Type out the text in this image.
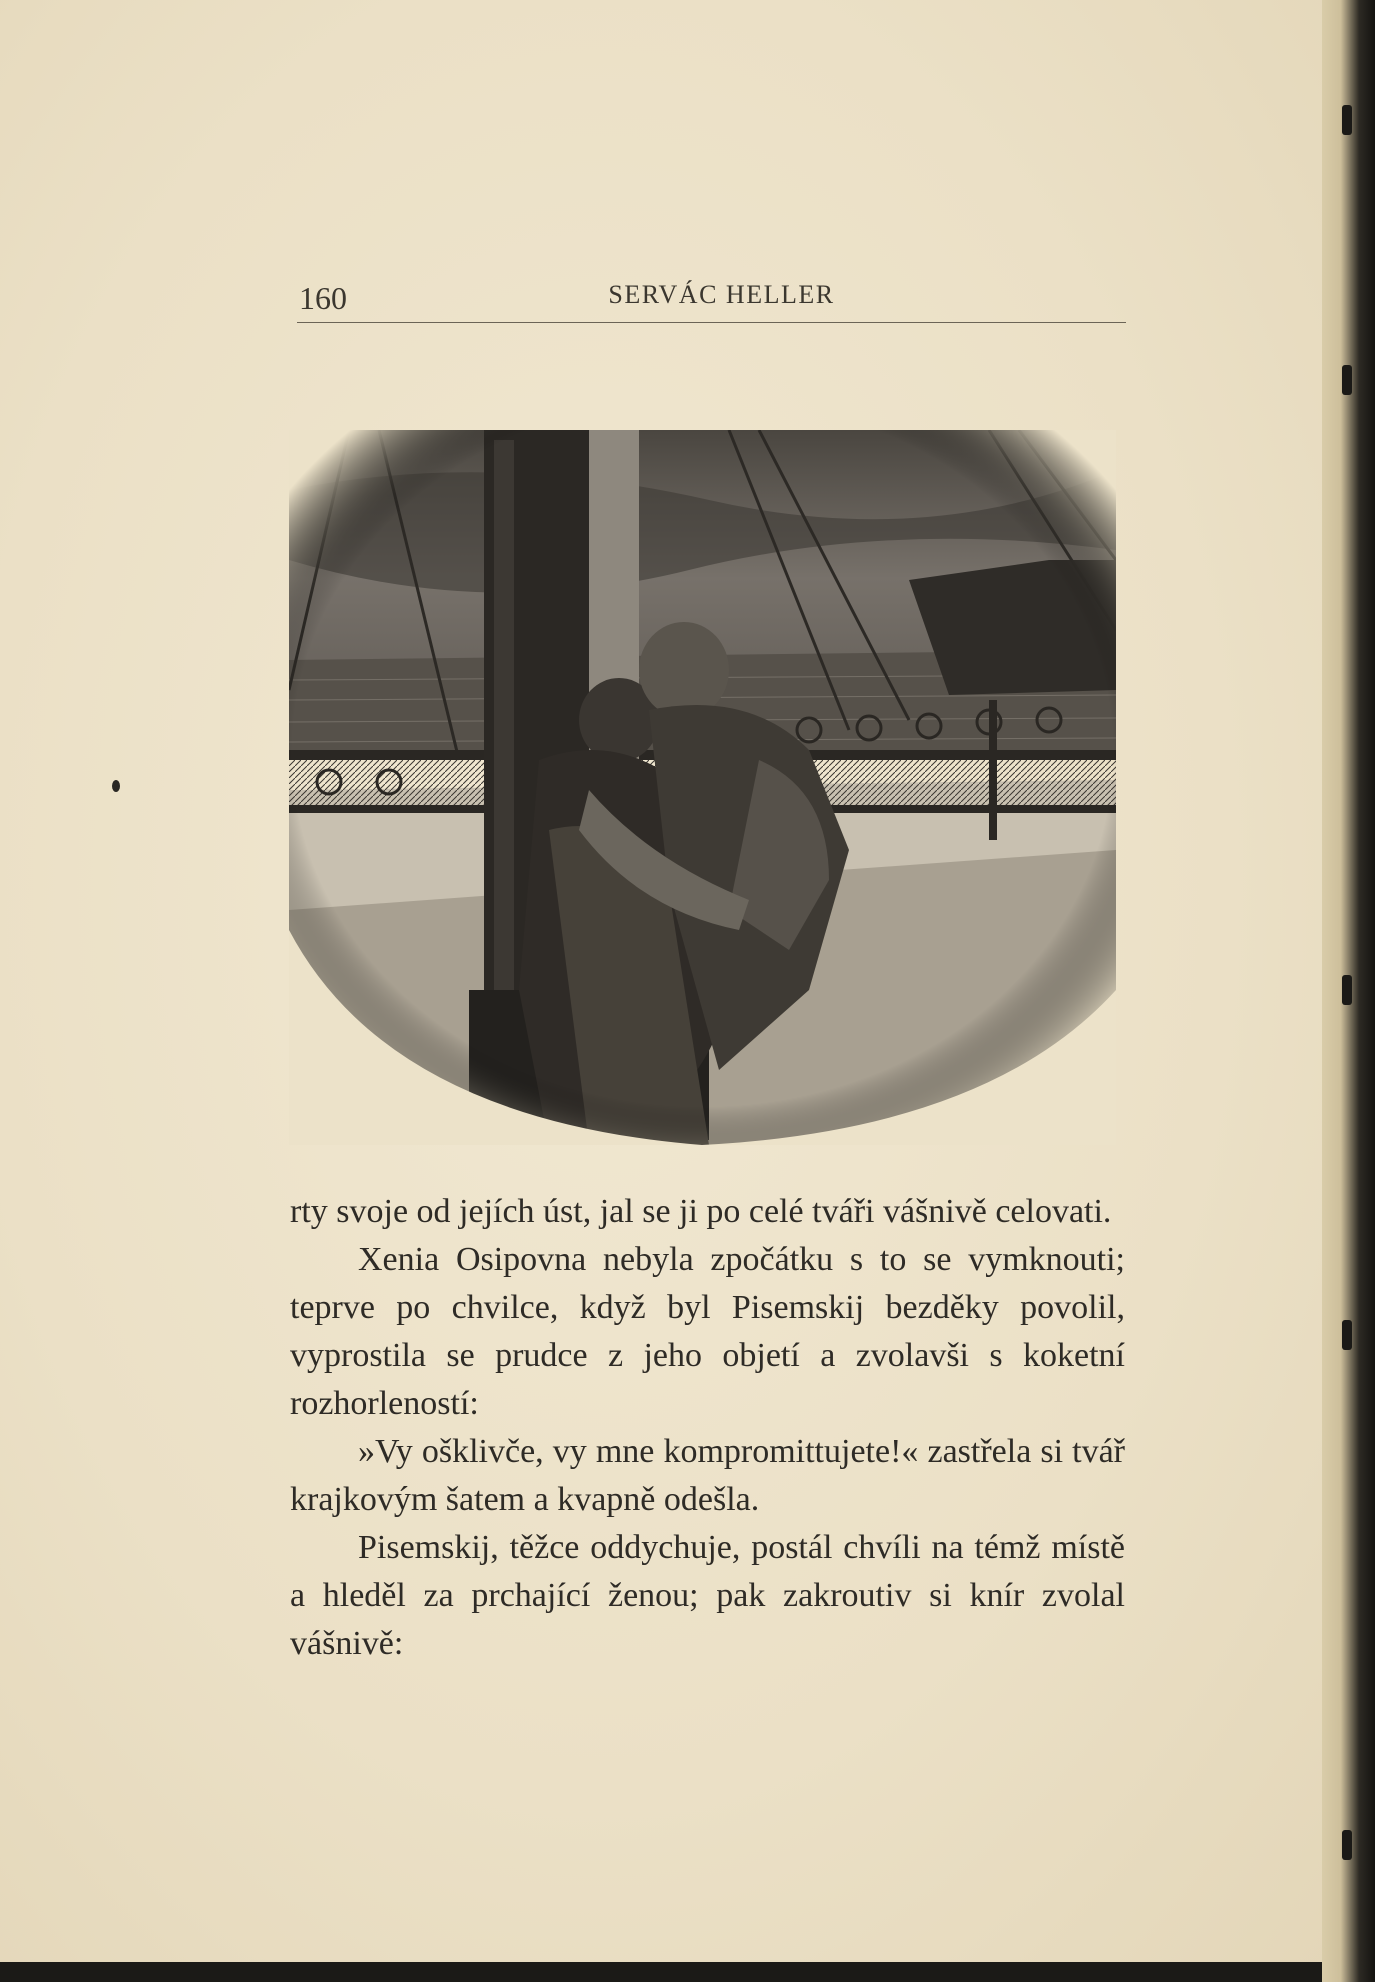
160	SERVÁC HELLER

rty svoje od jejích úst, jal se ji po celé tváři vášnivě celovati.

Xenia Osipovna nebyla zpočátku s to se vymknouti; teprve po chvilce, když byl Pisemskij bezděky povolil, vyprostila se prudce z jeho objetí a zvolavši s koketní rozhorleností:

»Vy ošklivče, vy mne kompromittujete!« zastřela si tvář krajkovým šatem a kvapně odešla.

Pisemskij, těžce oddychuje, postál chvíli na témž místě a hleděl za prchající ženou; pak zakroutiv si knír zvolal vášnivě:
